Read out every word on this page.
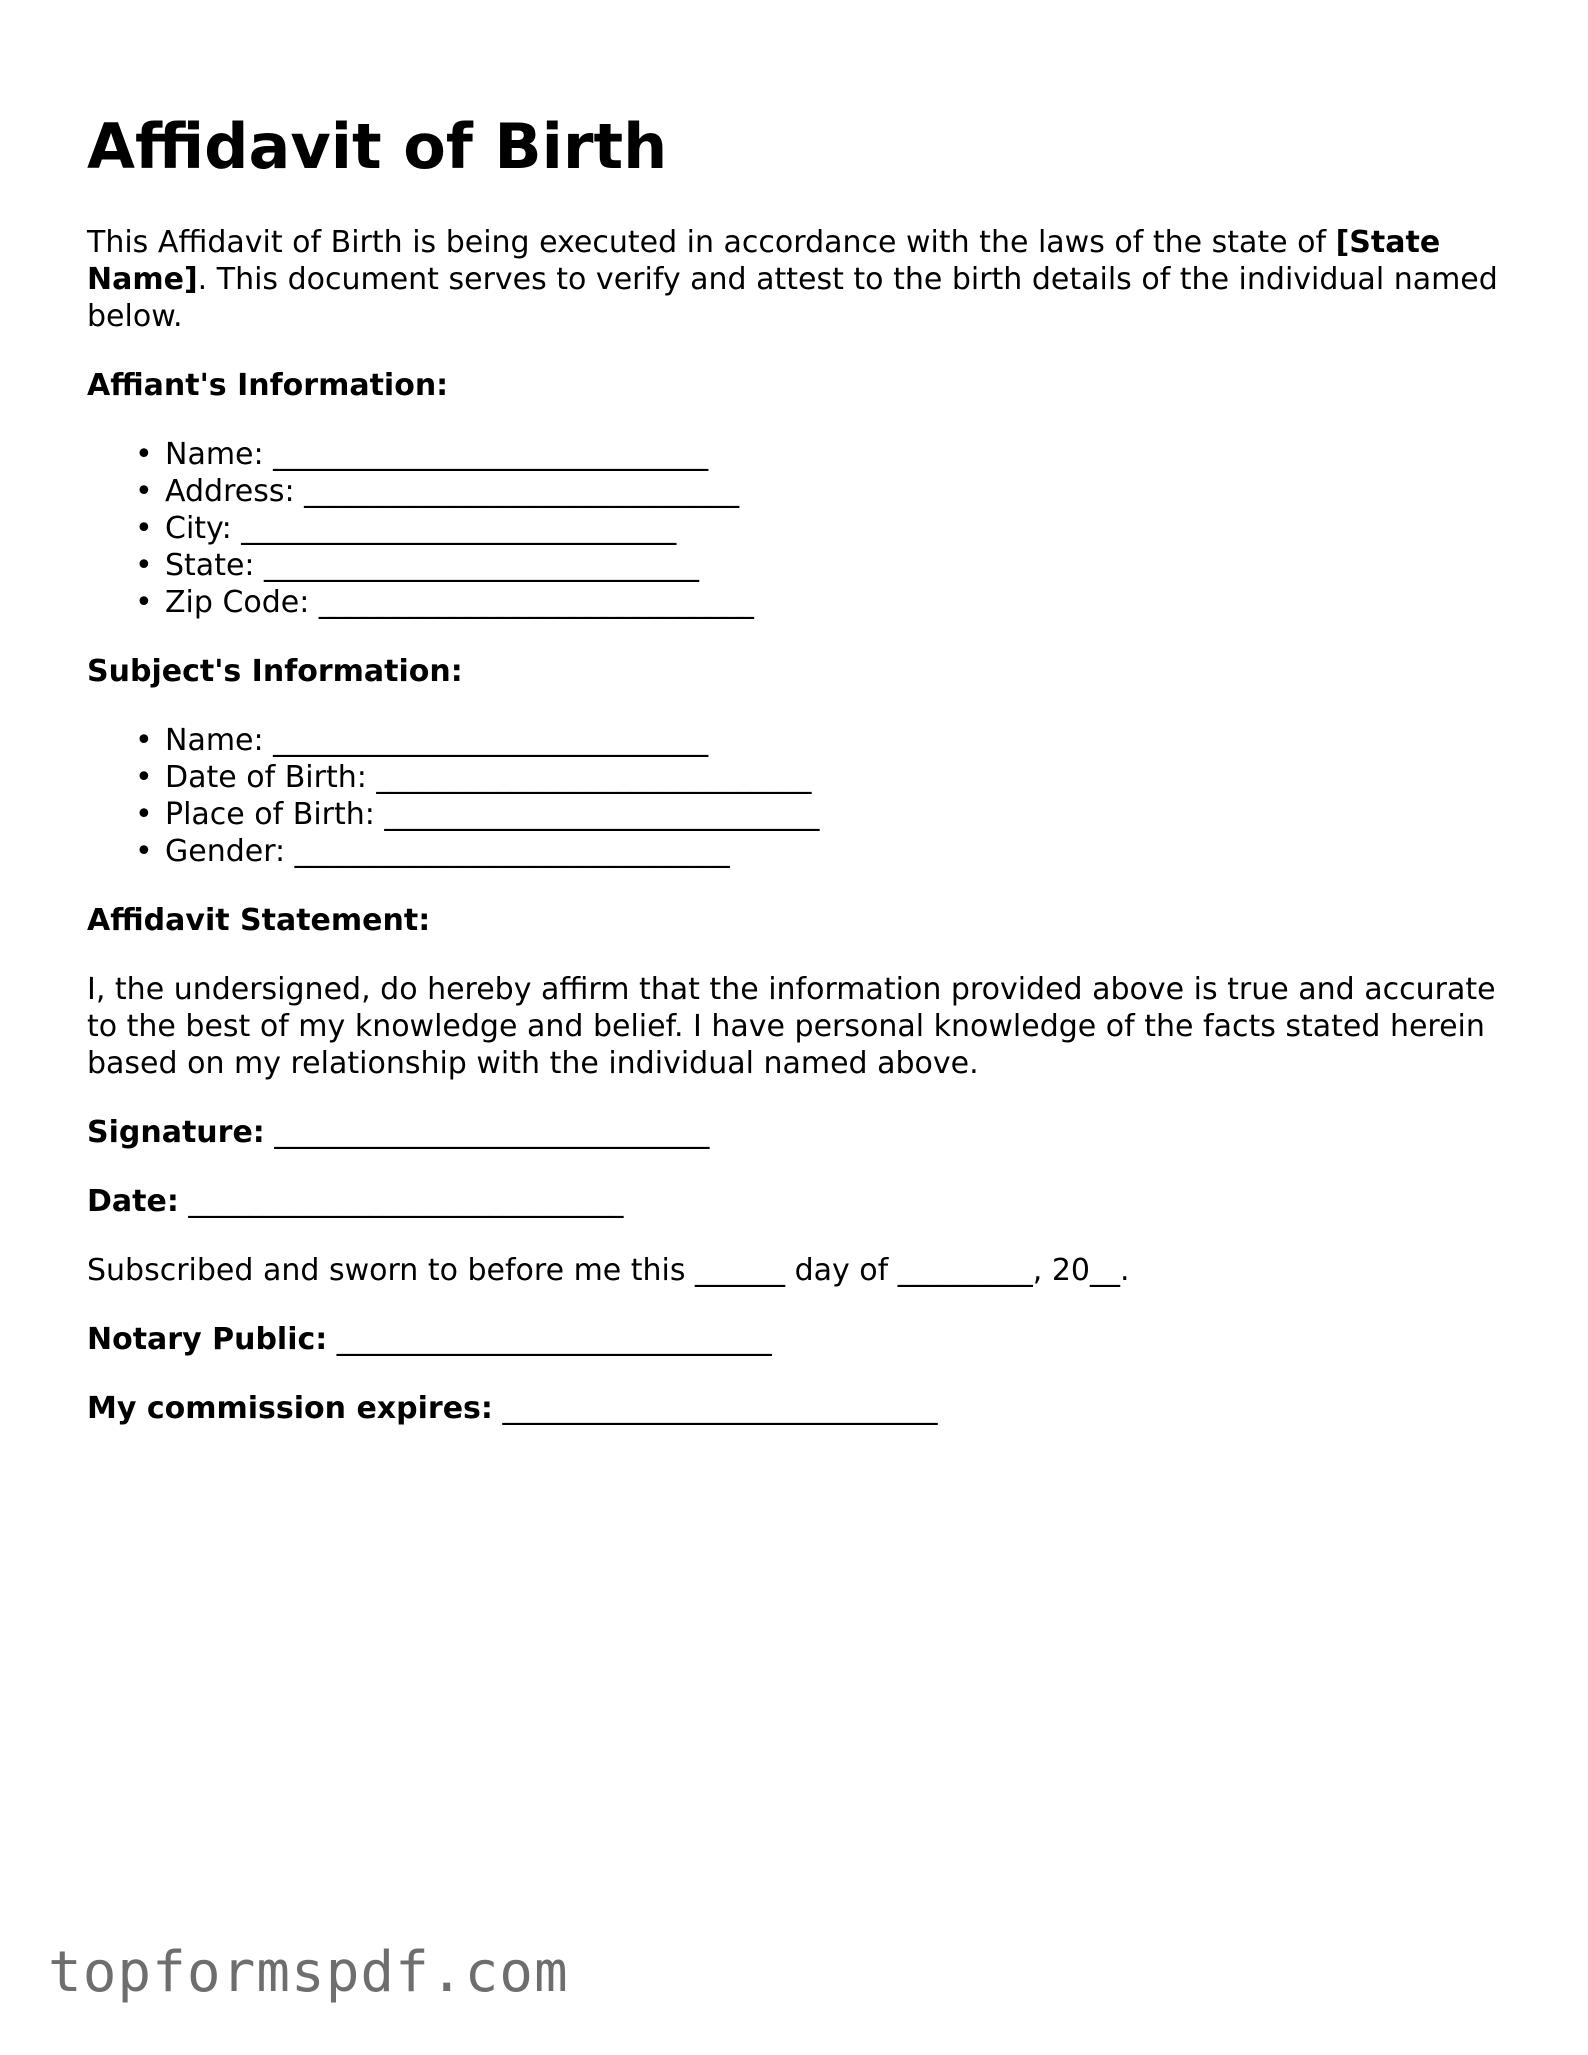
Affidavit of Birth

This Affidavit of Birth is being executed in accordance with the laws of the state of [State Name]. This document serves to verify and attest to the birth details of the individual named below.

Affiant's Information:
• Name: _____________________________
• Address: _____________________________
• City: _____________________________
• State: _____________________________
• Zip Code: _____________________________
Subject's Information:
• Name: _____________________________
• Date of Birth: _____________________________
• Place of Birth: _____________________________
• Gender: _____________________________
Affidavit Statement:

I, the undersigned, do hereby affirm that the information provided above is true and accurate to the best of my knowledge and belief. I have personal knowledge of the facts stated herein based on my relationship with the individual named above.

Signature: _____________________________

Date: _____________________________

Subscribed and sworn to before me this ______ day of _________, 20__.

Notary Public: _____________________________

My commission expires: _____________________________

topformspdf.com
